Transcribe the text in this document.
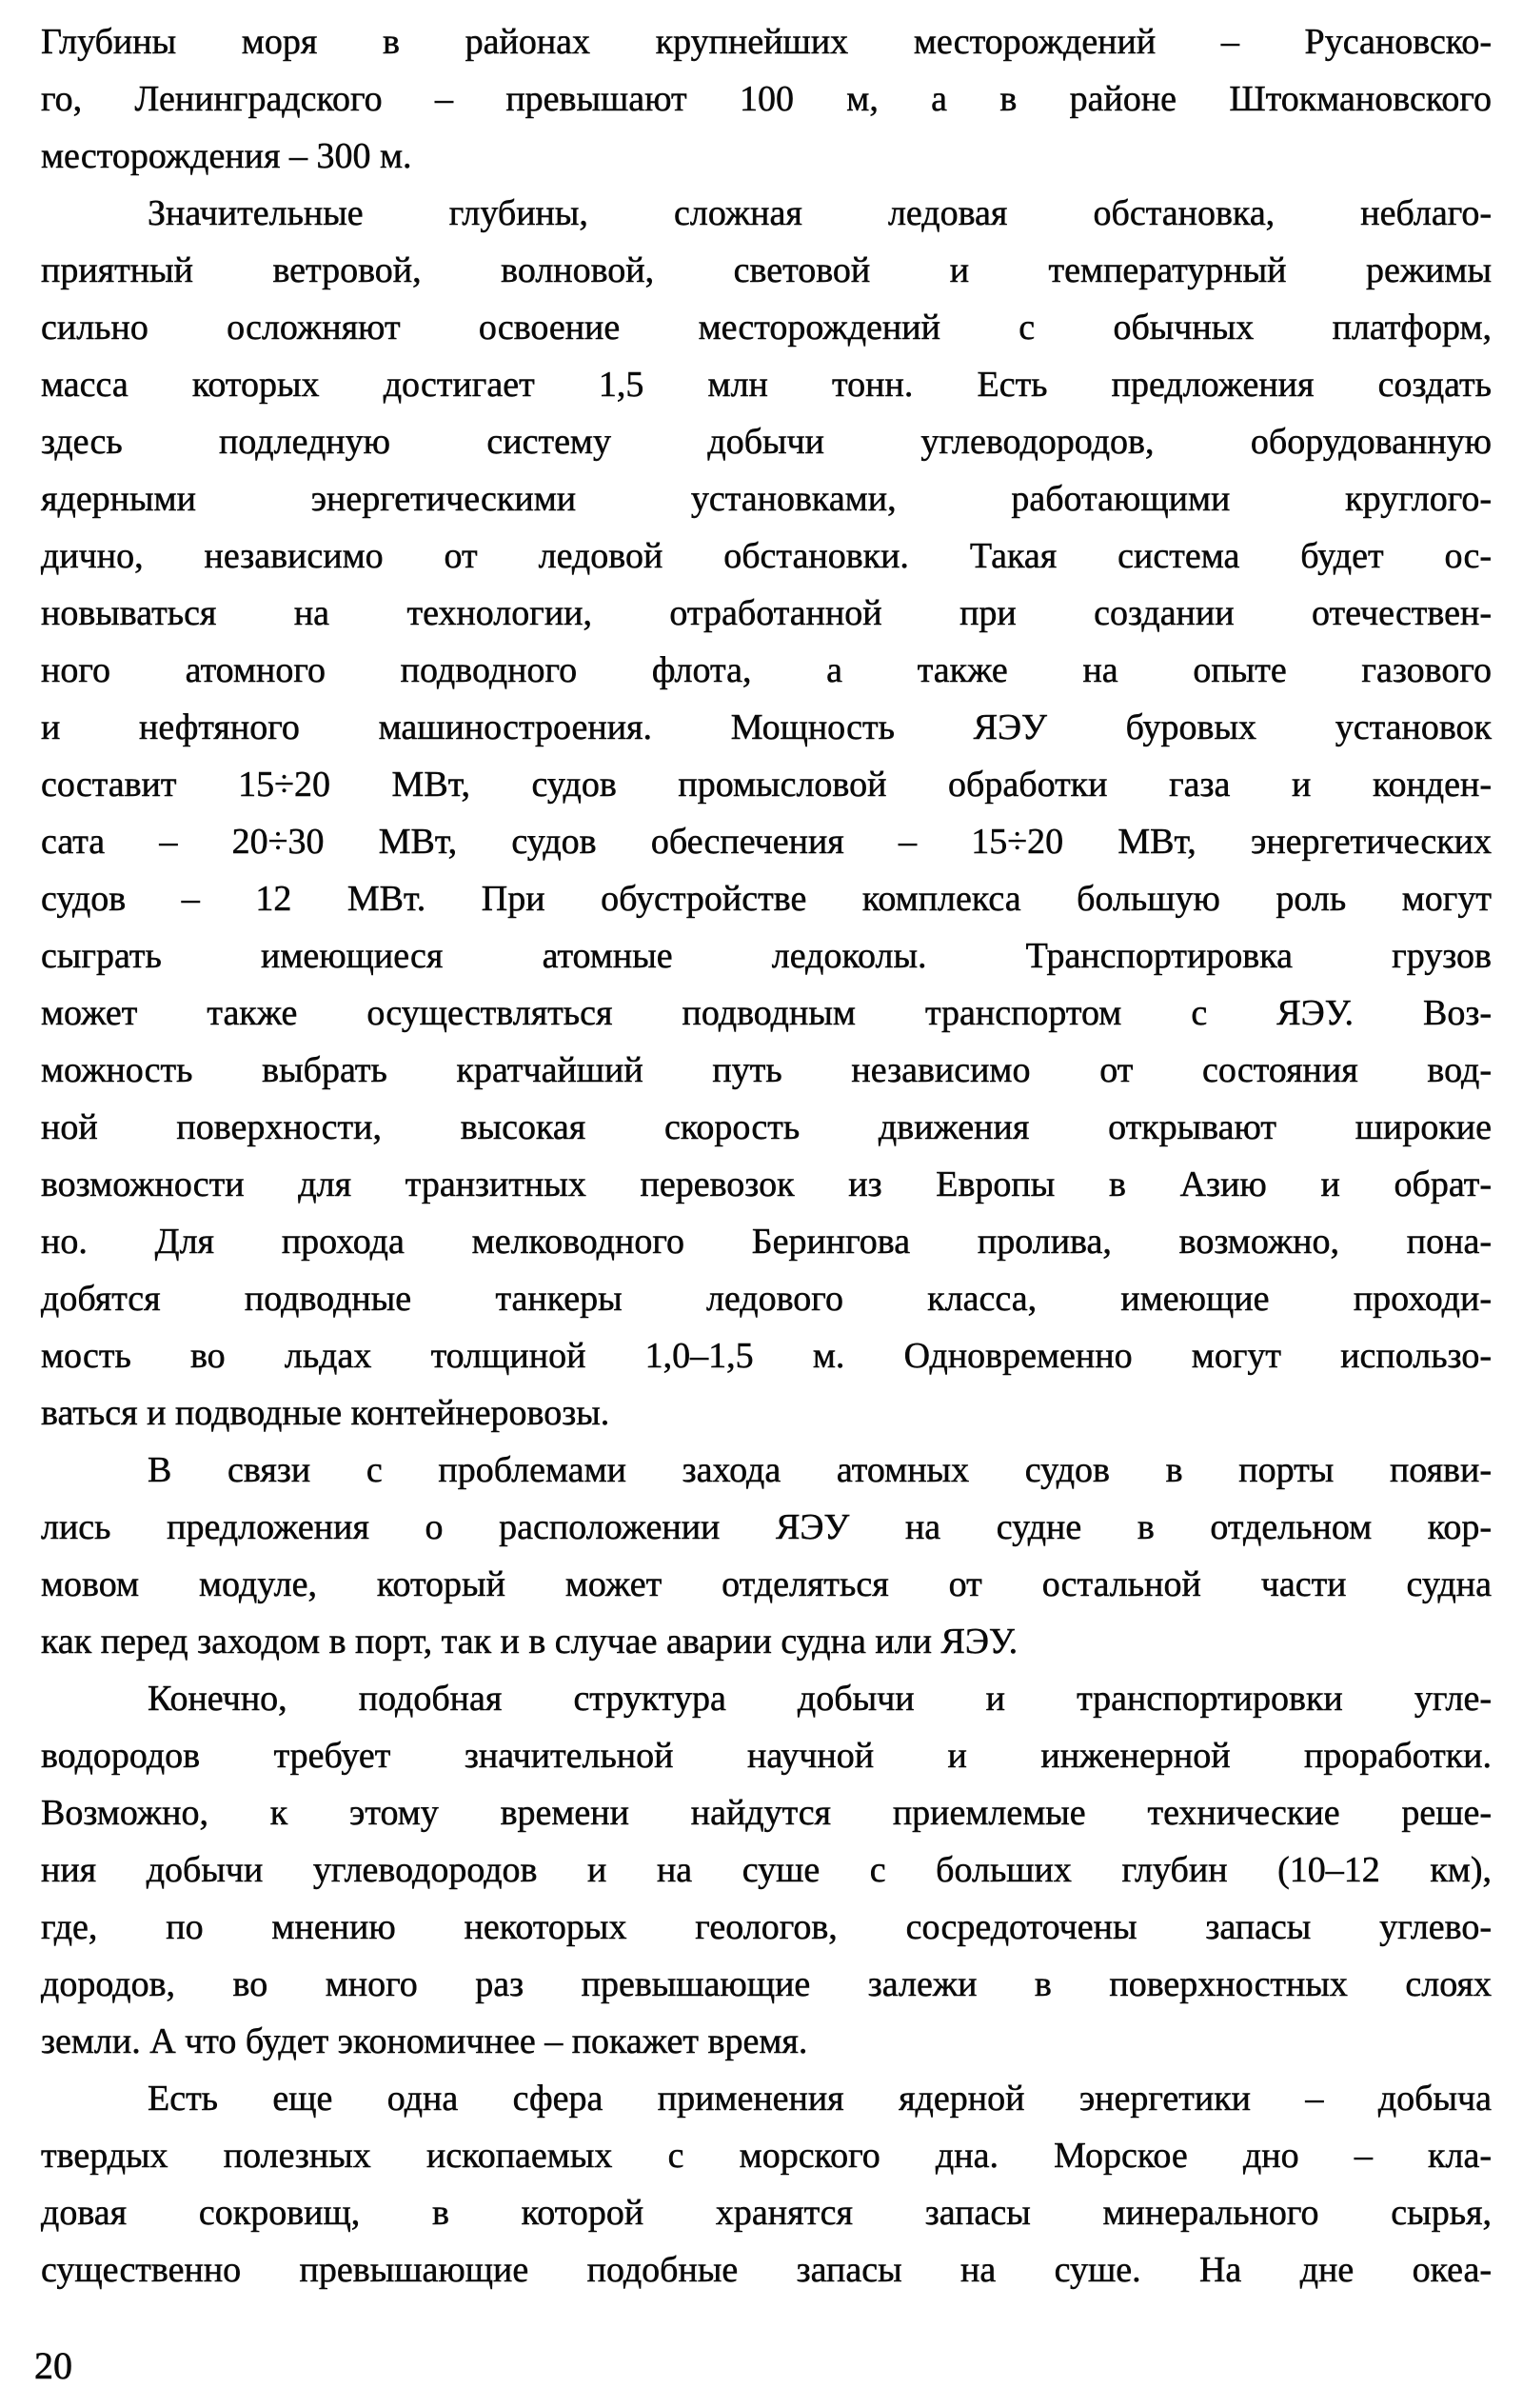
Глубины моря в районах крупнейших месторождений – Русановско-
го, Ленинградского – превышают 100 м, а в районе Штокмановского
месторождения – 300 м.
Значительные глубины, сложная ледовая обстановка, неблаго-
приятный ветровой, волновой, световой и температурный режимы
сильно осложняют освоение месторождений с обычных платформ,
масса которых достигает 1,5 млн тонн. Есть предложения создать
здесь подледную систему добычи углеводородов, оборудованную
ядерными энергетическими установками, работающими круглого-
дично, независимо от ледовой обстановки. Такая система будет ос-
новываться на технологии, отработанной при создании отечествен-
ного атомного подводного флота, а также на опыте газового
и нефтяного машиностроения. Мощность ЯЭУ буровых установок
составит 15÷20 МВт, судов промысловой обработки газа и конден-
сата – 20÷30 МВт, судов обеспечения – 15÷20 МВт, энергетических
судов – 12 МВт. При обустройстве комплекса большую роль могут
сыграть имеющиеся атомные ледоколы. Транспортировка грузов
может также осуществляться подводным транспортом с ЯЭУ. Воз-
можность выбрать кратчайший путь независимо от состояния вод-
ной поверхности, высокая скорость движения открывают широкие
возможности для транзитных перевозок из Европы в Азию и обрат-
но. Для прохода мелководного Берингова пролива, возможно, пона-
добятся подводные танкеры ледового класса, имеющие проходи-
мость во льдах толщиной 1,0–1,5 м. Одновременно могут использо-
ваться и подводные контейнеровозы.
В связи с проблемами захода атомных судов в порты появи-
лись предложения о расположении ЯЭУ на судне в отдельном кор-
мовом модуле, который может отделяться от остальной части судна
как перед заходом в порт, так и в случае аварии судна или ЯЭУ.
Конечно, подобная структура добычи и транспортировки угле-
водородов требует значительной научной и инженерной проработки.
Возможно, к этому времени найдутся приемлемые технические реше-
ния добычи углеводородов и на суше с больших глубин (10–12 км),
где, по мнению некоторых геологов, сосредоточены запасы углево-
дородов, во много раз превышающие залежи в поверхностных слоях
земли. А что будет экономичнее – покажет время.
Есть еще одна сфера применения ядерной энергетики – добыча
твердых полезных ископаемых с морского дна. Морское дно – кла-
довая сокровищ, в которой хранятся запасы минерального сырья,
существенно превышающие подобные запасы на суше. На дне океа-
20
